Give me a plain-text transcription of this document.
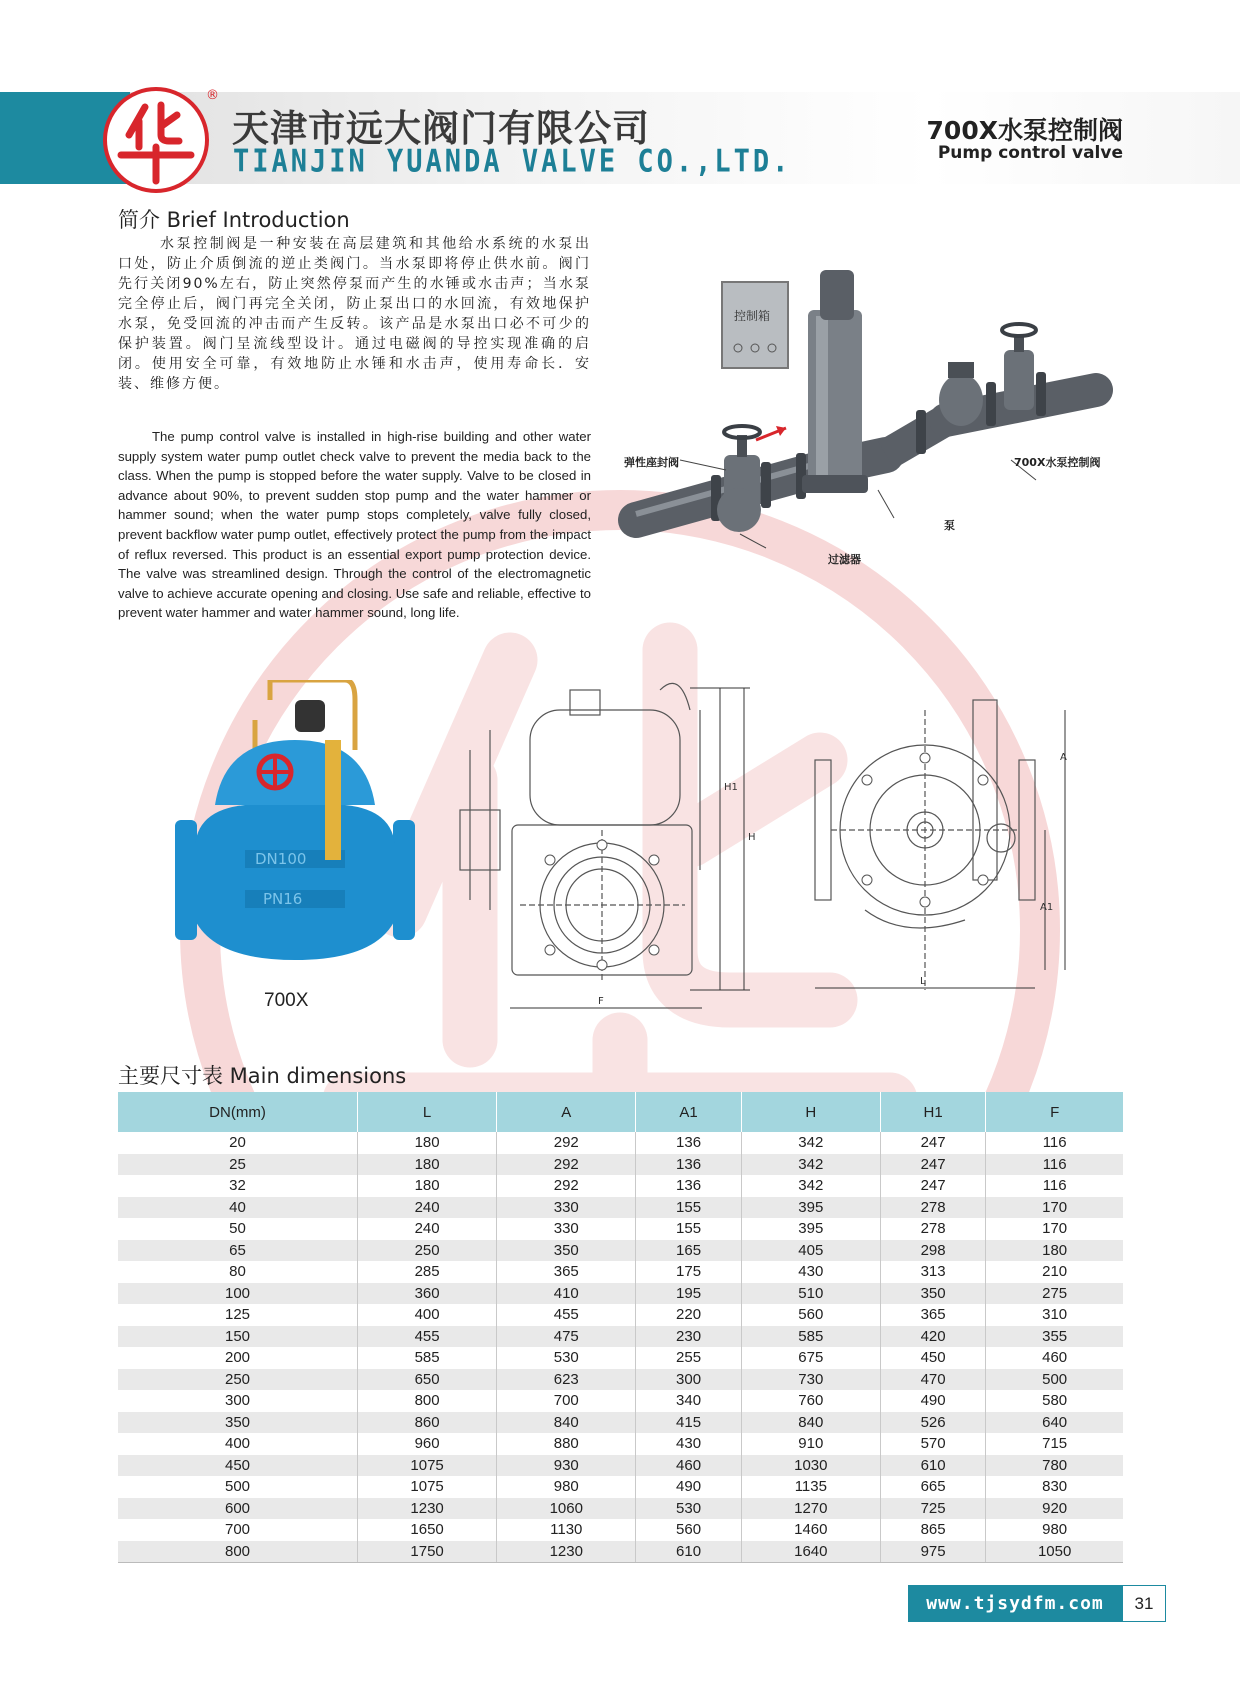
®
天津市远大阀门有限公司
TIANJIN YUANDA VALVE CO.,LTD.
700X水泵控制阀
Pump control valve
简介 Brief Introduction

水泵控制阀是一种安装在高层建筑和其他给水系统的水泵出口处，防止介质倒流的逆止类阀门。当水泵即将停止供水前。阀门先行关闭90%左右，防止突然停泵而产生的水锤或水击声；当水泵完全停止后，阀门再完全关闭，防止泵出口的水回流，有效地保护水泵，免受回流的冲击而产生反转。该产品是水泵出口必不可少的保护装置。阀门呈流线型设计。通过电磁阀的导控实现准确的启闭。使用安全可靠，有效地防止水锤和水击声，使用寿命长．安装、维修方便。

The pump control valve is installed in high-rise building and other water supply system water pump outlet check valve to prevent the media back to the class. When the pump is stopped before the water supply. Valve to be closed in advance about 90%, to prevent sudden stop pump and the water hammer or hammer sound; when the water pump stops completely, valve fully closed, prevent backflow water pump outlet, effectively protect the pump from the impact of reflux reversed. This product is an essential export pump protection device. The valve was streamlined design. Through the control of the electromagnetic valve to achieve accurate opening and closing. Use safe and reliable, effective to prevent water hammer and water hammer sound, long life.

控制箱
弹性座封阀	700X水泵控制阀
泵
过滤器
DN100
PN16
700X
H1
H
F
A
A1
L
主要尺寸表 Main dimensions
DN(mm)	L	A	A1	H	H1	F
20	180	292	136	342	247	116
25	180	292	136	342	247	116
32	180	292	136	342	247	116
40	240	330	155	395	278	170
50	240	330	155	395	278	170
65	250	350	165	405	298	180
80	285	365	175	430	313	210
100	360	410	195	510	350	275
125	400	455	220	560	365	310
150	455	475	230	585	420	355
200	585	530	255	675	450	460
250	650	623	300	730	470	500
300	800	700	340	760	490	580
350	860	840	415	840	526	640
400	960	880	430	910	570	715
450	1075	930	460	1030	610	780
500	1075	980	490	1135	665	830
600	1230	1060	530	1270	725	920
700	1650	1130	560	1460	865	980
800	1750	1230	610	1640	975	1050
www.tjsydfm.com	31
